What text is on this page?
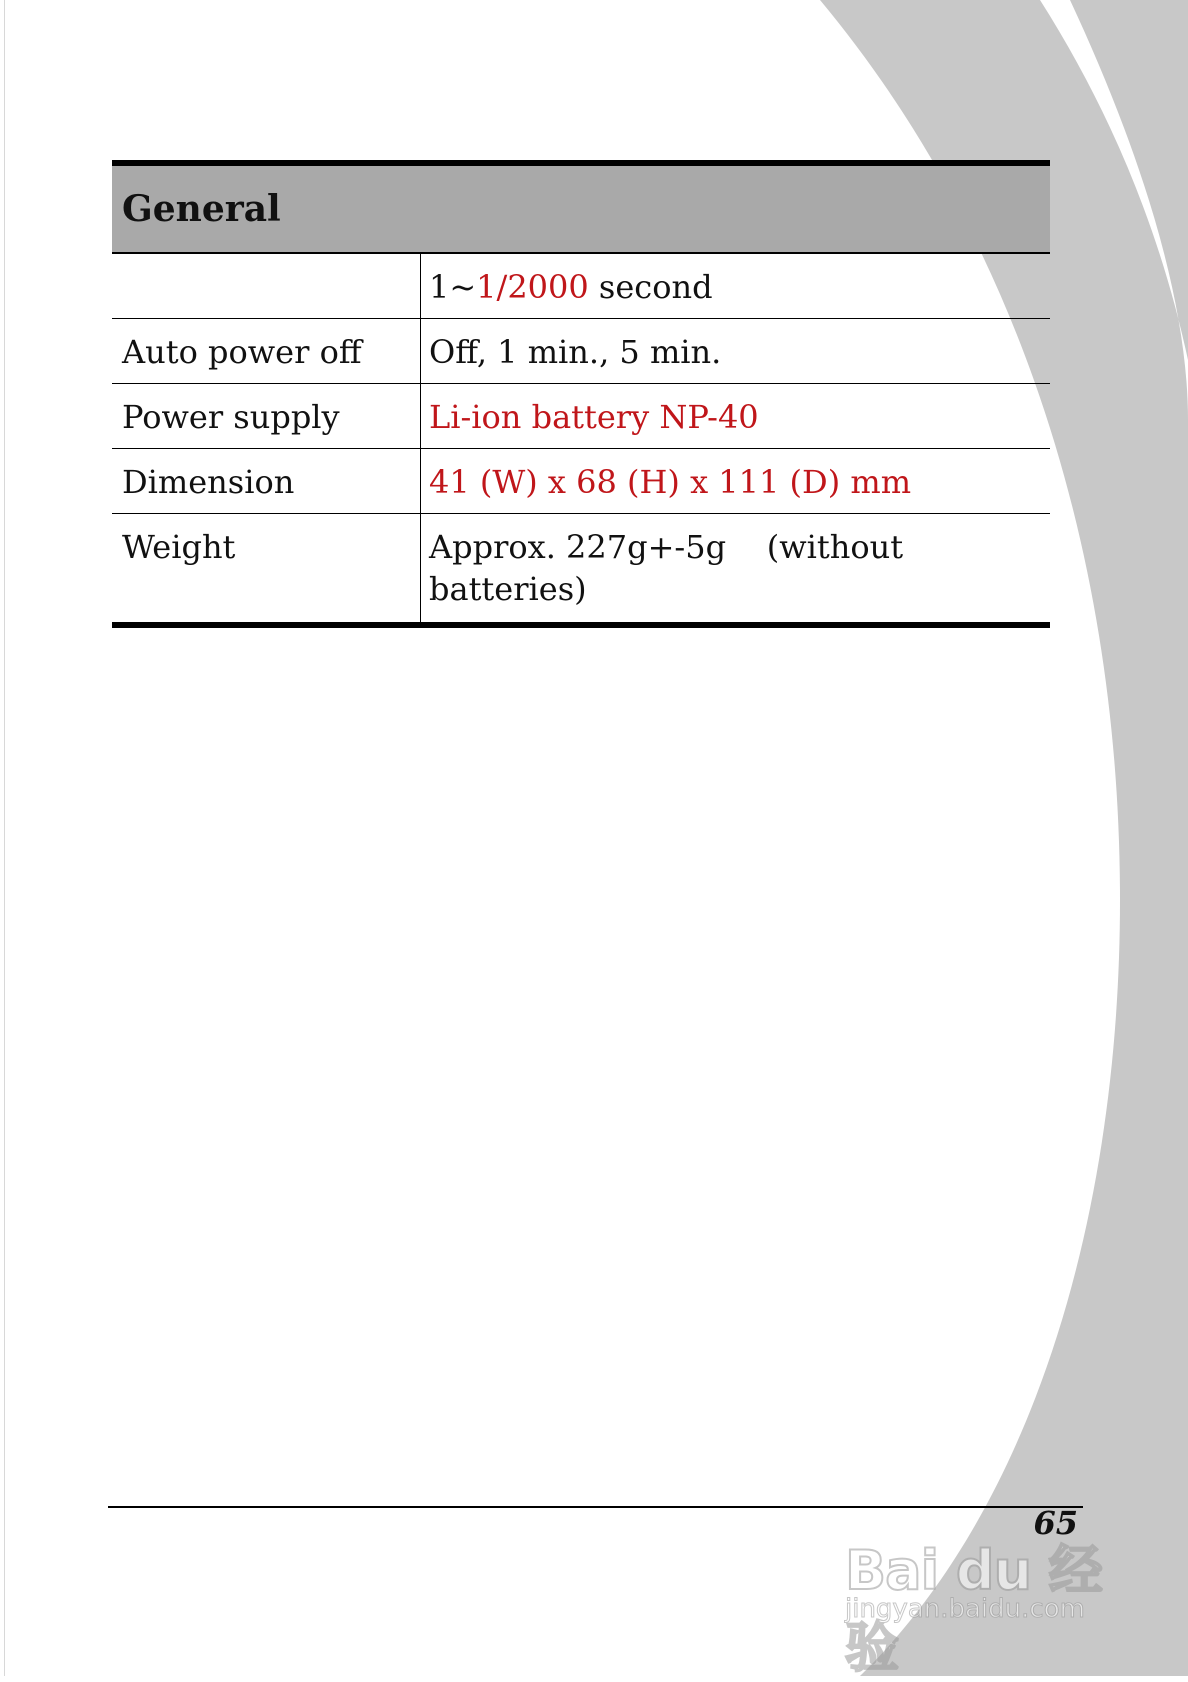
General	
	1~1/2000 second
Auto power off	Off, 1 min., 5 min.
Power supply	Li-ion battery NP-40
Dimension	41 (W) x 68 (H) x 111 (D) mm
Weight	Approx. 227g+-5g    (without
batteries)
65
Bai du 经验
jingyan.baidu.com
